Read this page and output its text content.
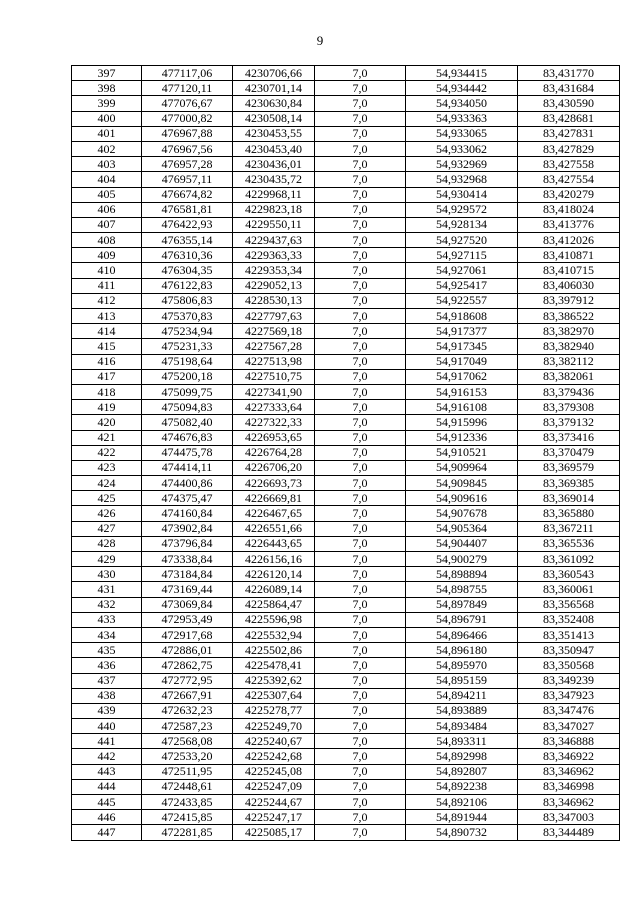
9
397	477117,06	4230706,66	7,0	54,934415	83,431770
398	477120,11	4230701,14	7,0	54,934442	83,431684
399	477076,67	4230630,84	7,0	54,934050	83,430590
400	477000,82	4230508,14	7,0	54,933363	83,428681
401	476967,88	4230453,55	7,0	54,933065	83,427831
402	476967,56	4230453,40	7,0	54,933062	83,427829
403	476957,28	4230436,01	7,0	54,932969	83,427558
404	476957,11	4230435,72	7,0	54,932968	83,427554
405	476674,82	4229968,11	7,0	54,930414	83,420279
406	476581,81	4229823,18	7,0	54,929572	83,418024
407	476422,93	4229550,11	7,0	54,928134	83,413776
408	476355,14	4229437,63	7,0	54,927520	83,412026
409	476310,36	4229363,33	7,0	54,927115	83,410871
410	476304,35	4229353,34	7,0	54,927061	83,410715
411	476122,83	4229052,13	7,0	54,925417	83,406030
412	475806,83	4228530,13	7,0	54,922557	83,397912
413	475370,83	4227797,63	7,0	54,918608	83,386522
414	475234,94	4227569,18	7,0	54,917377	83,382970
415	475231,33	4227567,28	7,0	54,917345	83,382940
416	475198,64	4227513,98	7,0	54,917049	83,382112
417	475200,18	4227510,75	7,0	54,917062	83,382061
418	475099,75	4227341,90	7,0	54,916153	83,379436
419	475094,83	4227333,64	7,0	54,916108	83,379308
420	475082,40	4227322,33	7,0	54,915996	83,379132
421	474676,83	4226953,65	7,0	54,912336	83,373416
422	474475,78	4226764,28	7,0	54,910521	83,370479
423	474414,11	4226706,20	7,0	54,909964	83,369579
424	474400,86	4226693,73	7,0	54,909845	83,369385
425	474375,47	4226669,81	7,0	54,909616	83,369014
426	474160,84	4226467,65	7,0	54,907678	83,365880
427	473902,84	4226551,66	7,0	54,905364	83,367211
428	473796,84	4226443,65	7,0	54,904407	83,365536
429	473338,84	4226156,16	7,0	54,900279	83,361092
430	473184,84	4226120,14	7,0	54,898894	83,360543
431	473169,44	4226089,14	7,0	54,898755	83,360061
432	473069,84	4225864,47	7,0	54,897849	83,356568
433	472953,49	4225596,98	7,0	54,896791	83,352408
434	472917,68	4225532,94	7,0	54,896466	83,351413
435	472886,01	4225502,86	7,0	54,896180	83,350947
436	472862,75	4225478,41	7,0	54,895970	83,350568
437	472772,95	4225392,62	7,0	54,895159	83,349239
438	472667,91	4225307,64	7,0	54,894211	83,347923
439	472632,23	4225278,77	7,0	54,893889	83,347476
440	472587,23	4225249,70	7,0	54,893484	83,347027
441	472568,08	4225240,67	7,0	54,893311	83,346888
442	472533,20	4225242,68	7,0	54,892998	83,346922
443	472511,95	4225245,08	7,0	54,892807	83,346962
444	472448,61	4225247,09	7,0	54,892238	83,346998
445	472433,85	4225244,67	7,0	54,892106	83,346962
446	472415,85	4225247,17	7,0	54,891944	83,347003
447	472281,85	4225085,17	7,0	54,890732	83,344489
